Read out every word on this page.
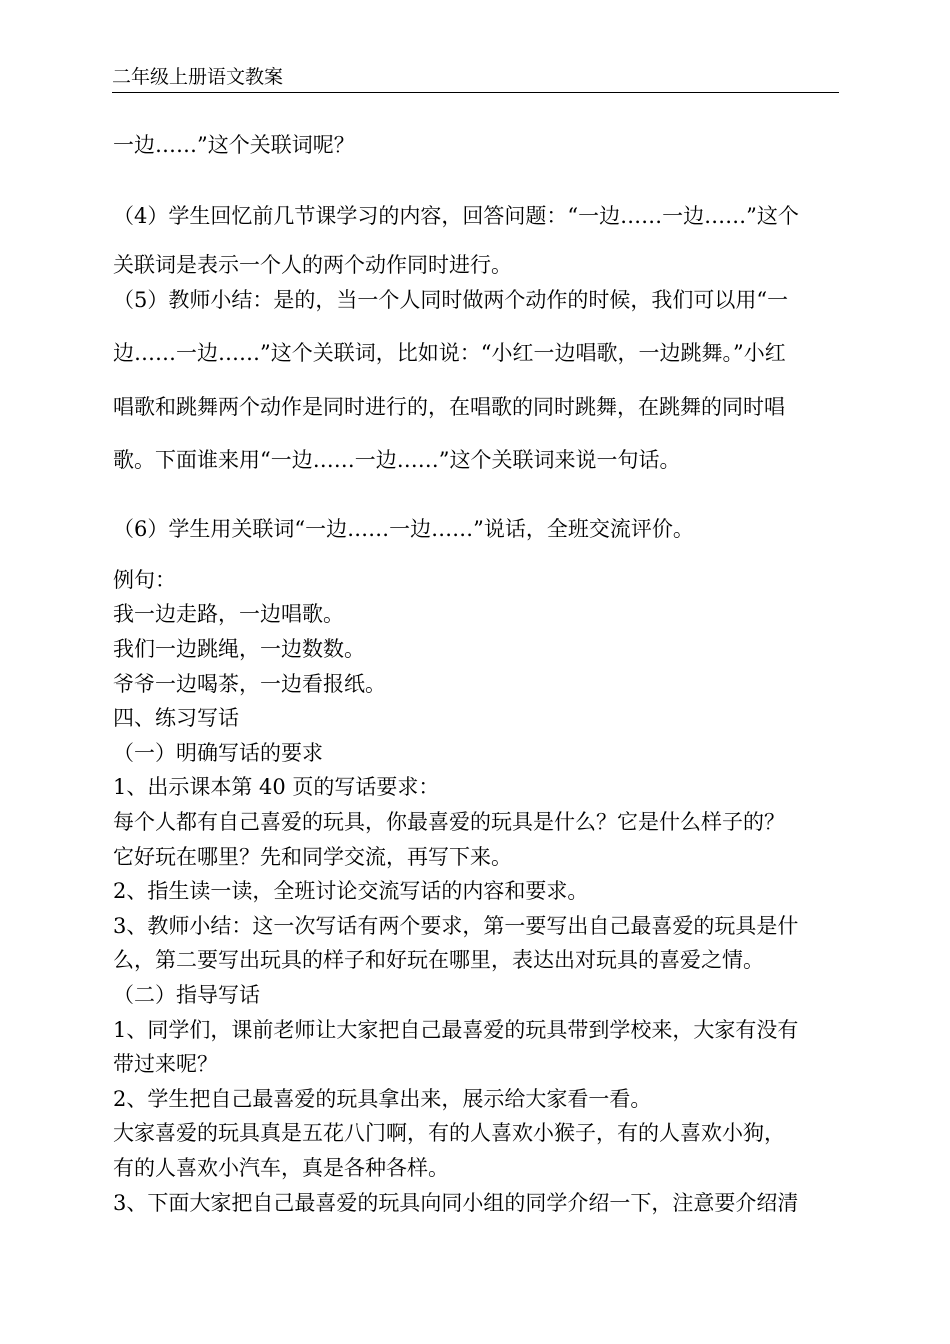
二年级上册语文教案
一边……”这个关联词呢？
（4）学生回忆前几节课学习的内容，回答问题：“一边……一边……”这个
关联词是表示一个人的两个动作同时进行。
（5）教师小结：是的，当一个人同时做两个动作的时候，我们可以用“一
边……一边……”这个关联词，比如说：“小红一边唱歌，一边跳舞。”小红
唱歌和跳舞两个动作是同时进行的，在唱歌的同时跳舞，在跳舞的同时唱
歌。下面谁来用“一边……一边……”这个关联词来说一句话。
（6）学生用关联词“一边……一边……”说话，全班交流评价。
例句：
我一边走路，一边唱歌。
我们一边跳绳，一边数数。
爷爷一边喝茶，一边看报纸。
四、练习写话
（一）明确写话的要求
1、出示课本第 40 页的写话要求：
每个人都有自己喜爱的玩具，你最喜爱的玩具是什么？它是什么样子的？
它好玩在哪里？先和同学交流，再写下来。
2、指生读一读，全班讨论交流写话的内容和要求。
3、教师小结：这一次写话有两个要求，第一要写出自己最喜爱的玩具是什
么，第二要写出玩具的样子和好玩在哪里，表达出对玩具的喜爱之情。
（二）指导写话
1、同学们，课前老师让大家把自己最喜爱的玩具带到学校来，大家有没有
带过来呢？
2、学生把自己最喜爱的玩具拿出来，展示给大家看一看。
大家喜爱的玩具真是五花八门啊，有的人喜欢小猴子，有的人喜欢小狗，
有的人喜欢小汽车，真是各种各样。
3、下面大家把自己最喜爱的玩具向同小组的同学介绍一下，注意要介绍清
